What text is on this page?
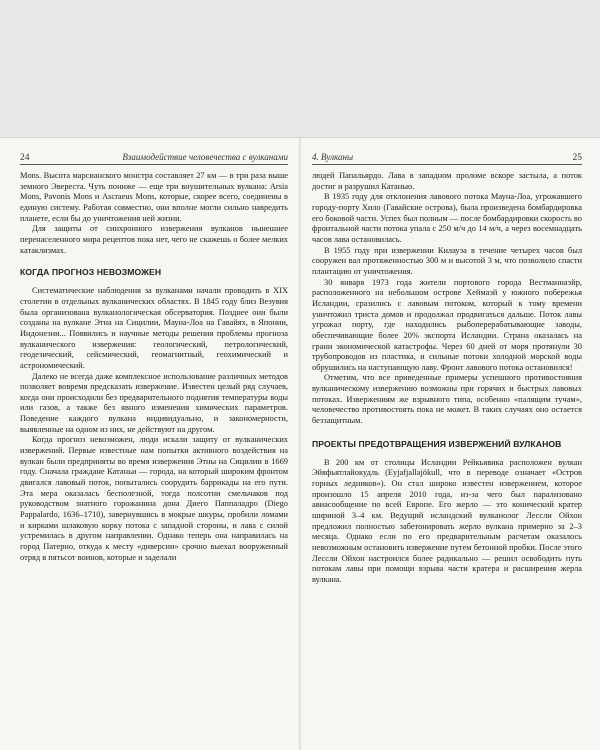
24	Взаимодействие человечества с вулканами

Mons. Высота марсианского монстра составляет 27 км — в три раза выше земного Эвереста. Чуть пониже — еще три внушительных вулкана: Arsia Mons, Pavonis Mons и Ascraeus Mons, которые, скорее всего, соединены в единую систему. Работая совместно, они вполне могли сильно навредить планете, если бы до уничтожения ней жизни.

Для защиты от синхронного извержения вулканов нынешнее перенаселенного мира рецептов пока нет, чего не скажешь о более мелких катаклизмах.

КОГДА ПРОГНОЗ НЕВОЗМОЖЕН

Систематические наблюдения за вулканами начали проводить в XIX столетии в отдельных вулканических областях. В 1845 году близ Везувия была организована вулканологическая обсерватория. Позднее они были созданы на вулкане Этна на Сицилии, Мауна-Лоа на Гавайях, в Японии, Индонезии... Появились и научные методы решения проблемы прогноза вулканического извержения: геологический, петрологический, геодезический, сейсмический, геомагнитный, геохимический и астрономический.

Далеко не всегда даже комплексное использование различных методов позволяет вовремя предсказать извержение. Известен целый ряд случаев, когда они происходили без предварительного поднятия температуры воды или газов, а также без явного изменения химических параметров. Поведение каждого вулкана индивидуально, и закономерности, выявленные на одном из них, не действуют на другом.

Когда прогноз невозможен, люди искали защиту от вулканических извержений. Первые известные нам попытки активного воздействия на вулкан были предприняты во время извержения Этны на Сицилии в 1669 году. Сначала граждане Катаньи — города, на который широким фронтом двигался лавовый поток, попытались соорудить баррикады на его пути. Эта мера оказалась бесполезной, тогда полсотни смельчаков под руководством знатного горожанина дона Диего Паппаладро (Diego Pappalardo, 1636–1710), завернувшись в мокрые шкуры, пробили ломами и кирками шлаковую корку потока с западной стороны, и лава с силой устремилась в другом направлении. Однако теперь она направилась на город Патерно, откуда к месту «диверсии» срочно выехал вооруженный отряд в пятьсот воинов, которые и заделали

4. Вулканы	25

людей Папальярдо. Лава в западном проломе вскоре застыла, а поток достиг и разрушил Катанью.

В 1935 году для отклонения лавового потока Мауна-Лоа, угрожавшего городу-порту Хило (Гавайские острова), была произведена бомбардировка его боковой части. Успех был полным — после бомбардировки скорость во фронтальной части потока упала с 250 м/ч до 14 м/ч, а через восемнадцать часов лава остановилась.

В 1955 году при извержении Килауэа в течение четырех часов был сооружен вал протяженностью 300 м и высотой 3 м, что позволило спасти плантацию от уничтожения.

30 января 1973 года жители портового города Вестманнаэйр, расположенного на небольшом острове Хеймаэй у южного побережья Исландии, сразились с лавовым потоком, который к тому времени уничтожил триста домов и продолжал продвигаться дальше. Поток лавы угрожал порту, где находились рыбоперерабатывающие заводы, обеспечивающие более 20% экспорта Исландии. Страна оказалась на грани экономической катастрофы. Через 60 дней от моря протянули 30 трубопроводов из пластика, и сильные потоки холодной морской воды обрушились на наступающую лаву. Фронт лавового потока остановился!

Отметим, что все приведенные примеры успешного противостояния вулканическому извержению возможны при горячих и быстрых лавовых потоках. Извержениям же взрывного типа, особенно «палящим тучам», человечество противостоять пока не может. В таких случаях оно остается беззащитным.

ПРОЕКТЫ ПРЕДОТВРАЩЕНИЯ ИЗВЕРЖЕНИЙ ВУЛКАНОВ

В 200 км от столицы Исландии Рейкьявика расположен вулкан Эйяфьятлайокудль (Eyjafjallajökull, что в переводе означает «Остров горных ледников»). Он стал широко известен извержением, которое произошло 15 апреля 2010 года, из-за чего был парализовано авиасообщение по всей Европе. Его жерло — это конический кратер шириной 3–4 км. Ведущий исландский вулканолог Лессли Ойхон предложил полностью забетонировать жерло вулкана примерно за 2–3 месяца. Однако если по его предварительным расчетам оказалось невозможным остановить извержение путем бетонной пробки. После этого Лессли Ойхон настроился более радикально — решил освободить путь потокам лавы при помощи взрыва части кратера и расширения жерла вулкана.
